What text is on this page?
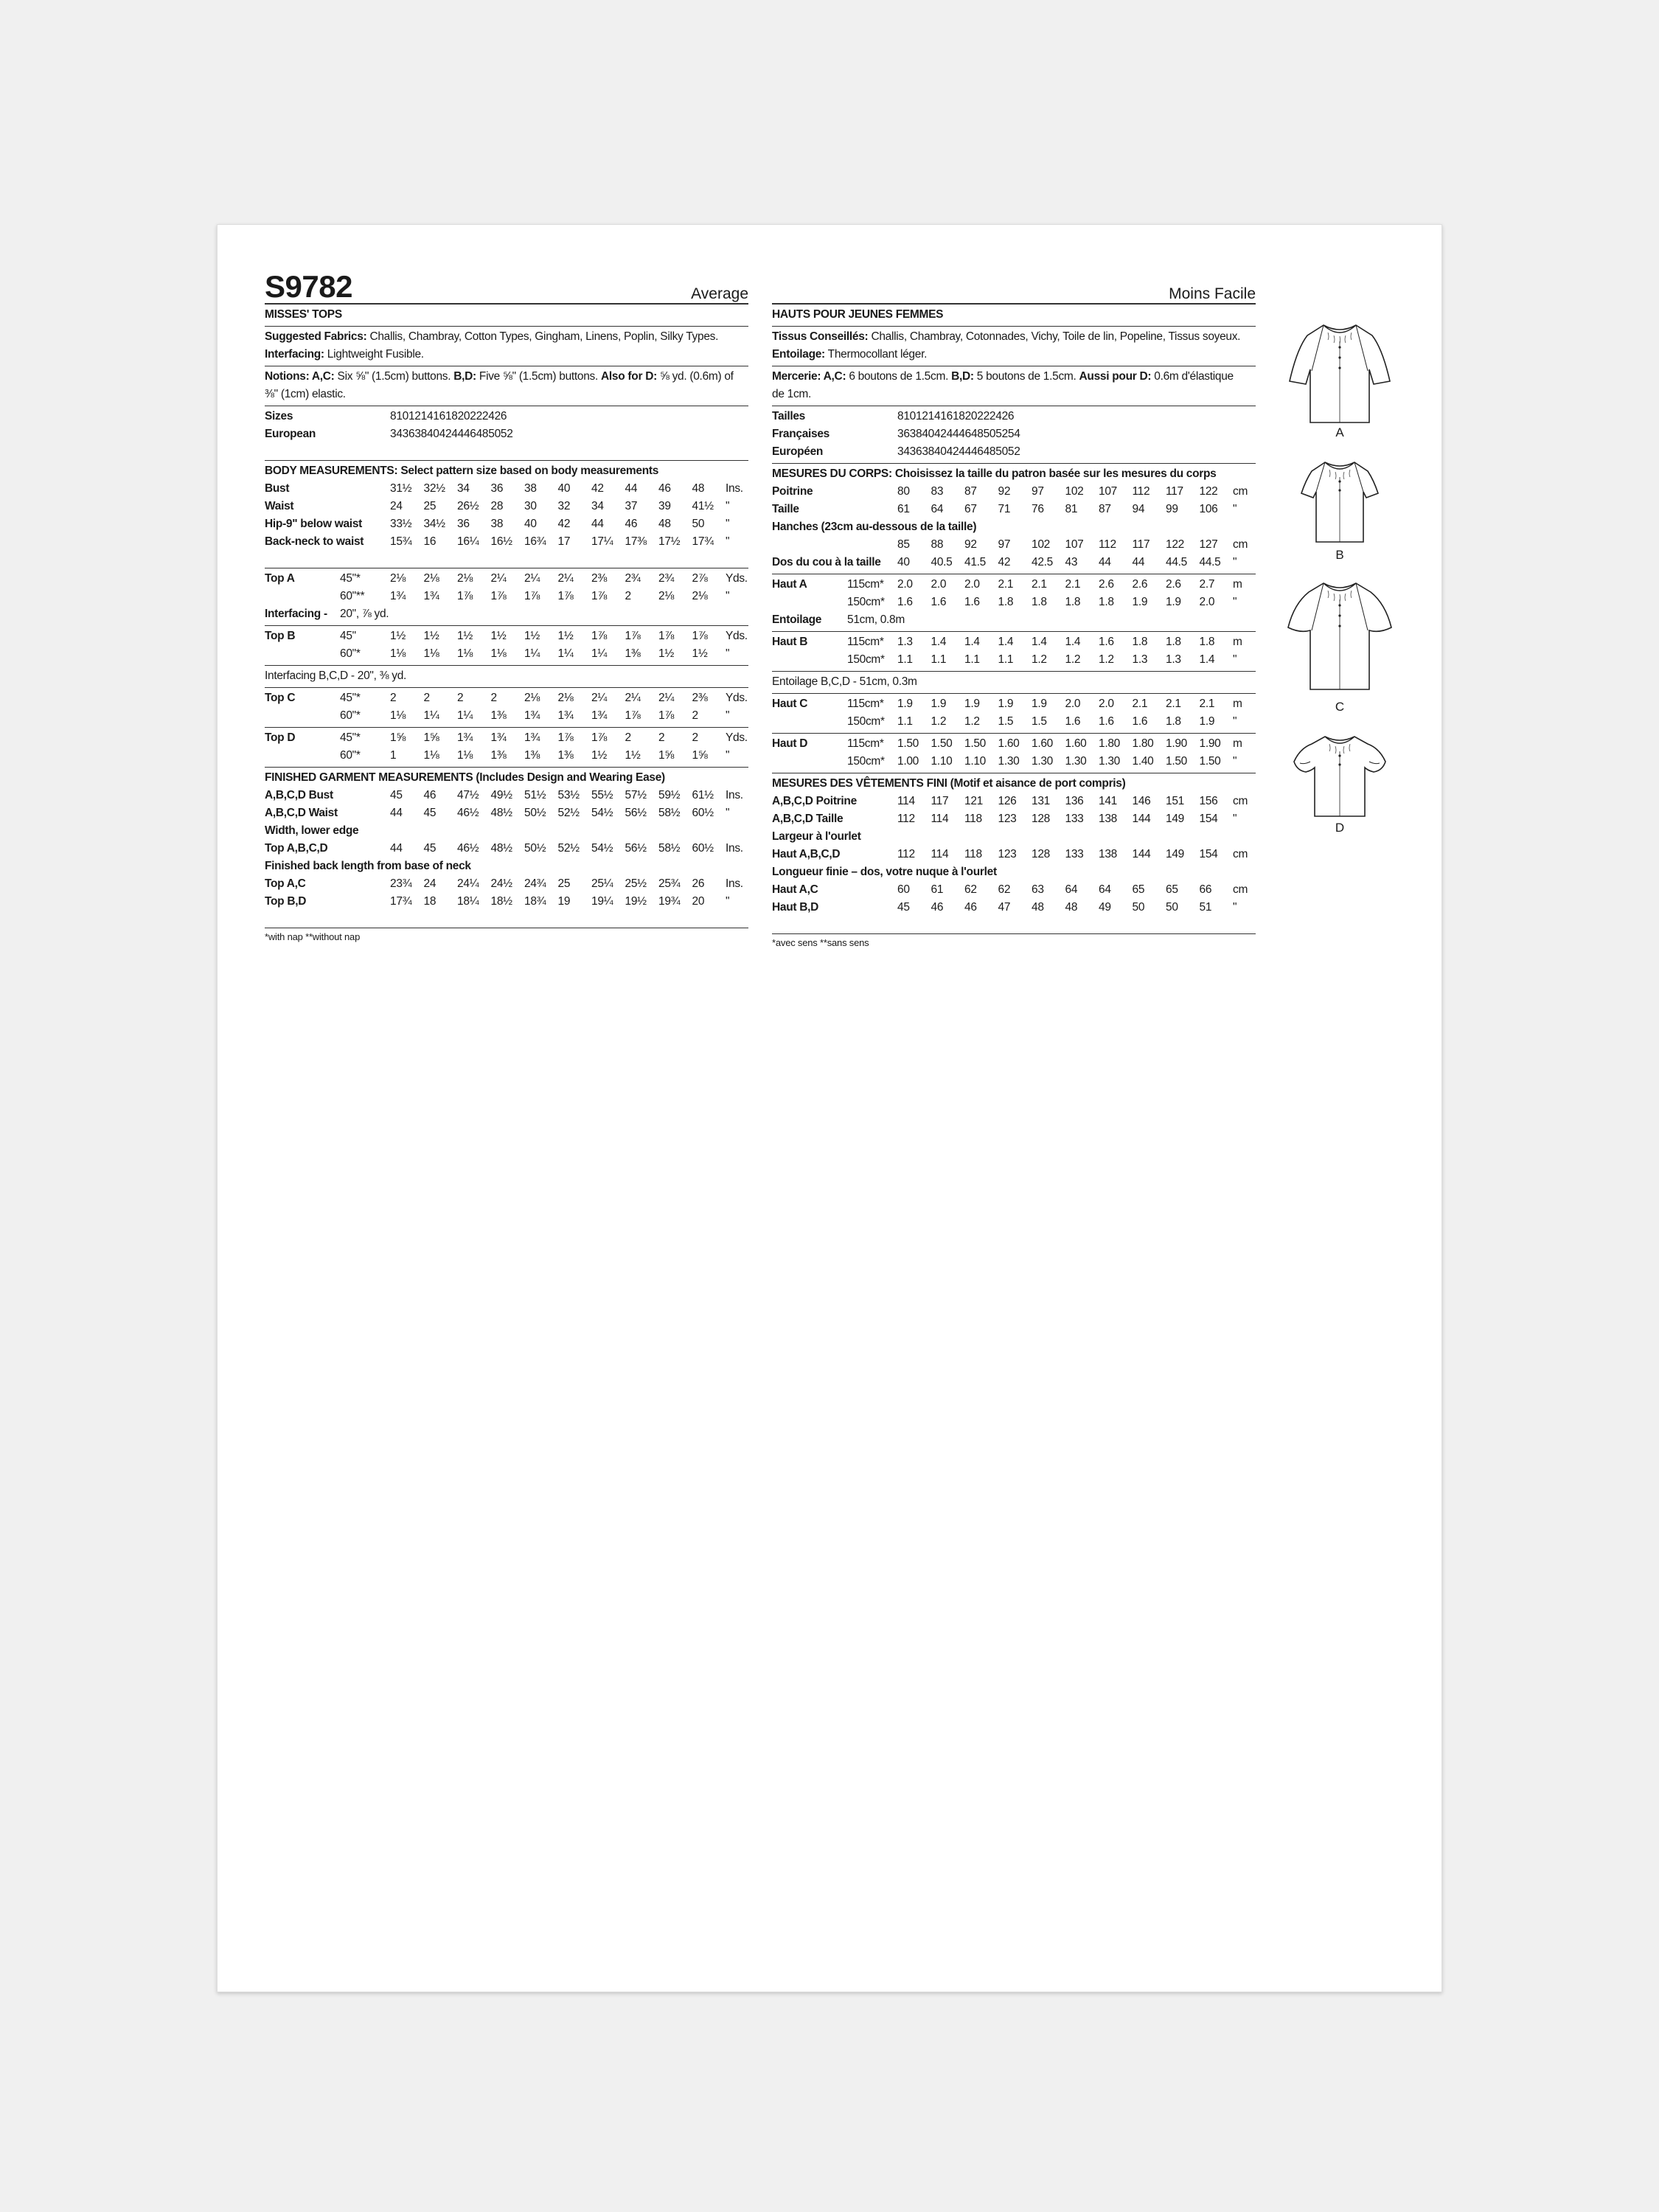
S9782	Average
MISSES' TOPS
Suggested Fabrics: Challis, Chambray, Cotton Types, Gingham, Linens, Poplin, Silky Types.
Interfacing: Lightweight Fusible.
Notions: A,C: Six ⅝" (1.5cm) buttons. B,D: Five ⅝" (1.5cm) buttons. Also for D: ⅝ yd. (0.6m) of
⅜" (1cm) elastic.
Sizes	8101214161820222426
European	34363840424446485052
BODY MEASUREMENTS: Select pattern size based on body measurements
Bust	31½	32½	34	36	38	40	42	44	46	48	Ins.
Waist	24	25	26½	28	30	32	34	37	39	41½	"
Hip-9" below waist	33½	34½	36	38	40	42	44	46	48	50	"
Back-neck to waist	15¾	16	16¼	16½	16¾	17	17¼	17⅜	17½	17¾	"
Top A	45"*	2⅛	2⅛	2⅛	2¼	2¼	2¼	2⅜	2¾	2¾	2⅞	Yds.
60"**	1¾	1¾	1⅞	1⅞	1⅞	1⅞	1⅞	2	2⅛	2⅛	"
Interfacing -	20", ⅞ yd.
Top B	45"	1½	1½	1½	1½	1½	1½	1⅞	1⅞	1⅞	1⅞	Yds.
60"*	1⅛	1⅛	1⅛	1⅛	1¼	1¼	1¼	1⅜	1½	1½	"
Interfacing B,C,D - 20", ⅜ yd.
Top C	45"*	2	2	2	2	2⅛	2⅛	2¼	2¼	2¼	2⅜	Yds.
60"*	1⅛	1¼	1¼	1⅜	1¾	1¾	1¾	1⅞	1⅞	2	"
Top D	45"*	1⅝	1⅝	1¾	1¾	1¾	1⅞	1⅞	2	2	2	Yds.
60"*	1	1⅛	1⅛	1⅜	1⅜	1⅜	1½	1½	1⅝	1⅝	"
FINISHED GARMENT MEASUREMENTS (Includes Design and Wearing Ease)
A,B,C,D Bust	45	46	47½	49½	51½	53½	55½	57½	59½	61½	Ins.
A,B,C,D Waist	44	45	46½	48½	50½	52½	54½	56½	58½	60½	"
Width, lower edge
Top A,B,C,D	44	45	46½	48½	50½	52½	54½	56½	58½	60½	Ins.
Finished back length from base of neck
Top A,C	23¾	24	24¼	24½	24¾	25	25¼	25½	25¾	26	Ins.
Top B,D	17¾	18	18¼	18½	18¾	19	19¼	19½	19¾	20	"
*with nap **without nap
Moins Facile
HAUTS POUR JEUNES FEMMES
Tissus Conseillés: Challis, Chambray, Cotonnades, Vichy, Toile de lin, Popeline, Tissus soyeux.
Entoilage: Thermocollant léger.
Mercerie: A,C: 6 boutons de 1.5cm. B,D: 5 boutons de 1.5cm. Aussi pour D: 0.6m d'élastique
de 1cm.
Tailles	8101214161820222426
Françaises	36384042444648505254
Européen	34363840424446485052
MESURES DU CORPS: Choisissez la taille du patron basée sur les mesures du corps
Poitrine	80	83	87	92	97	102	107	112	117	122	cm
Taille	61	64	67	71	76	81	87	94	99	106	"
Hanches (23cm au-dessous de la taille)
85	88	92	97	102	107	112	117	122	127	cm
Dos du cou à la taille	40	40.5	41.5	42	42.5	43	44	44	44.5	44.5	"
Haut A	115cm*	2.0	2.0	2.0	2.1	2.1	2.1	2.6	2.6	2.6	2.7	m
150cm*	1.6	1.6	1.6	1.8	1.8	1.8	1.8	1.9	1.9	2.0	"
Entoilage	51cm, 0.8m
Haut B	115cm*	1.3	1.4	1.4	1.4	1.4	1.4	1.6	1.8	1.8	1.8	m
150cm*	1.1	1.1	1.1	1.1	1.2	1.2	1.2	1.3	1.3	1.4	"
Entoilage B,C,D - 51cm, 0.3m
Haut C	115cm*	1.9	1.9	1.9	1.9	1.9	2.0	2.0	2.1	2.1	2.1	m
150cm*	1.1	1.2	1.2	1.5	1.5	1.6	1.6	1.6	1.8	1.9	"
Haut D	115cm*	1.50	1.50	1.50	1.60	1.60	1.60	1.80	1.80	1.90	1.90	m
150cm*	1.00	1.10	1.10	1.30	1.30	1.30	1.30	1.40	1.50	1.50	"
MESURES DES VÊTEMENTS FINI (Motif et aisance de port compris)
A,B,C,D Poitrine	114	117	121	126	131	136	141	146	151	156	cm
A,B,C,D Taille	112	114	118	123	128	133	138	144	149	154	"
Largeur à l'ourlet
Haut A,B,C,D	112	114	118	123	128	133	138	144	149	154	cm
Longueur finie – dos, votre nuque à l'ourlet
Haut A,C	60	61	62	62	63	64	64	65	65	66	cm
Haut B,D	45	46	46	47	48	48	49	50	50	51	"
*avec sens **sans sens
A
B
C
D
